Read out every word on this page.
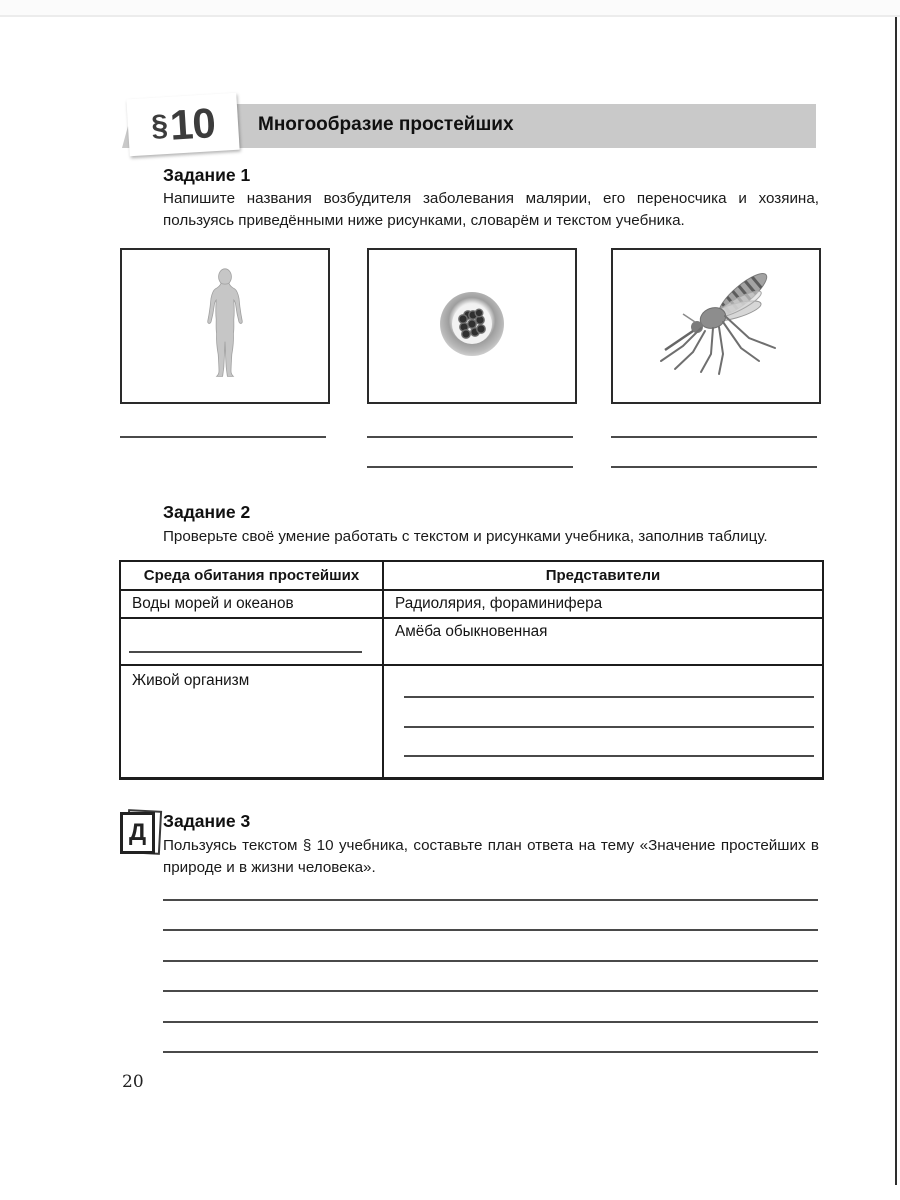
§ 10 Многообразие простейших
Задание 1
Напишите названия возбудителя заболевания малярии, его переносчика и хозяина, пользуясь приведёнными ниже рисунками, словарём и текстом учебника.
Задание 2
Проверьте своё умение работать с текстом и рисунками учебника, заполнив таблицу.
Среда обитания простейших	Представители
Воды морей и океанов	Радиолярия, фораминифера
Амёба обыкновенная
Живой организм
Д Задание 3
Пользуясь текстом § 10 учебника, составьте план ответа на тему «Значение простейших в природе и в жизни человека».
20
